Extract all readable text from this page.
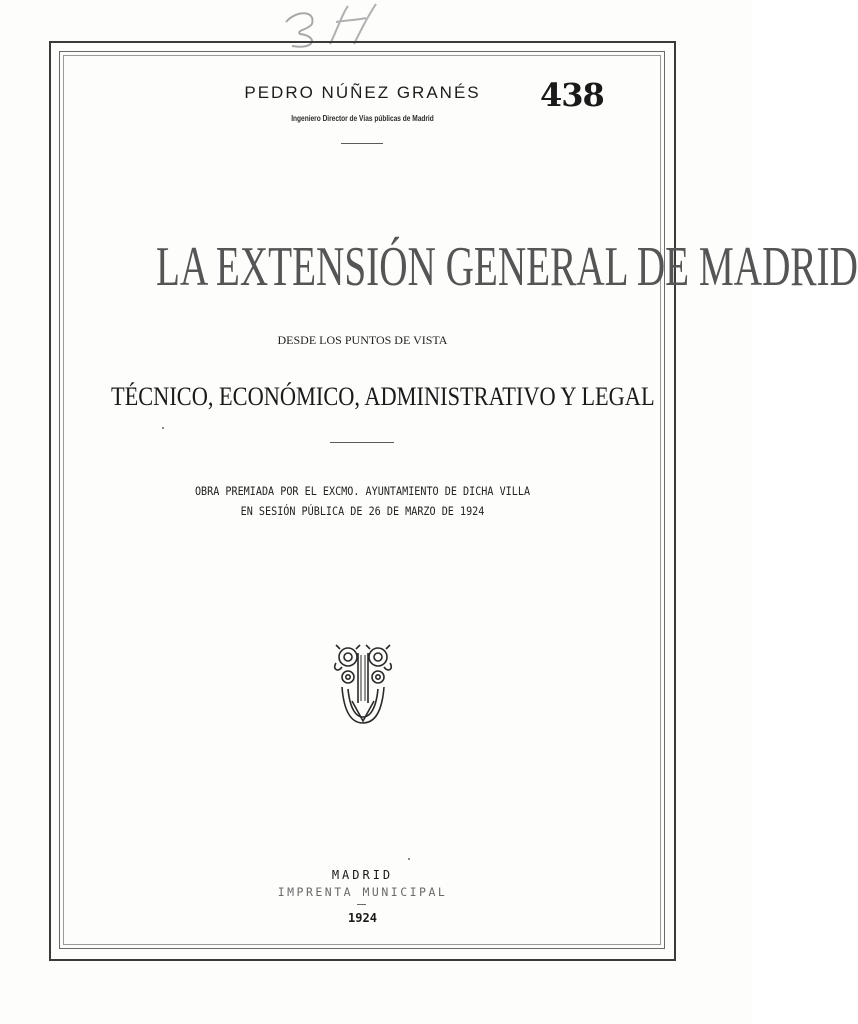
PEDRO NÚÑEZ GRANÉS	438
Ingeniero Director de Vías públicas de Madrid
LA EXTENSIÓN GENERAL DE MADRID
DESDE LOS PUNTOS DE VISTA
TÉCNICO, ECONÓMICO, ADMINISTRATIVO Y LEGAL
OBRA PREMIADA POR EL EXCMO. AYUNTAMIENTO DE DICHA VILLA
EN SESIÓN PÚBLICA DE 26 DE MARZO DE 1924
MADRID
IMPRENTA MUNICIPAL
1924
